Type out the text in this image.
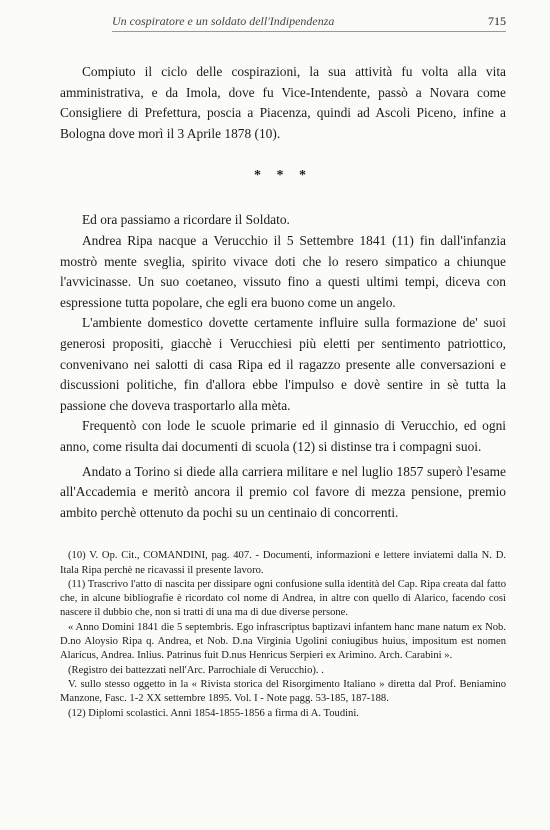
Un cospiratore e un soldato dell'Indipendenza	715

Compiuto il ciclo delle cospirazioni, la sua attività fu volta alla vita amministrativa, e da Imola, dove fu Vice-Intendente, passò a Novara come Consigliere di Prefettura, poscia a Piacenza, quindi ad Ascoli Piceno, infine a Bologna dove morì il 3 Aprile 1878 (10).

* * *

Ed ora passiamo a ricordare il Soldato.

Andrea Ripa nacque a Verucchio il 5 Settembre 1841 (11) fin dall'infanzia mostrò mente sveglia, spirito vivace doti che lo resero simpatico a chiunque l'avvicinasse. Un suo coetaneo, vissuto fino a questi ultimi tempi, diceva con espressione tutta popolare, che egli era buono come un angelo.

L'ambiente domestico dovette certamente influire sulla formazione de' suoi generosi propositi, giacchè i Verucchiesi più eletti per sentimento patriottico, convenivano nei salotti di casa Ripa ed il ragazzo presente alle conversazioni e discussioni politiche, fin d'allora ebbe l'impulso e dovè sentire in sè tutta la passione che doveva trasportarlo alla mèta.

Frequentò con lode le scuole primarie ed il ginnasio di Verucchio, ed ogni anno, come risulta dai documenti di scuola (12) si distinse tra i compagni suoi.

Andato a Torino si diede alla carriera militare e nel luglio 1857 superò l'esame all'Accademia e meritò ancora il premio col favore di mezza pensione, premio ambito perchè ottenuto da pochi su un centinaio di concorrenti.

(10) V. Op. Cit., COMANDINI, pag. 407. - Documenti, informazioni e lettere inviatemi dalla N. D. Itala Ripa perchè ne ricavassi il presente lavoro.

(11) Trascrivo l'atto di nascita per dissipare ogni confusione sulla identità del Cap. Ripa creata dal fatto che, in alcune bibliografie è ricordato col nome di Andrea, in altre con quello di Alarico, facendo così nascere il dubbio che, non si tratti di una ma di due diverse persone.

« Anno Domini 1841 die 5 septembris. Ego infrascriptus baptizavi infantem hanc mane natum ex Nob. D.no Aloysio Ripa q. Andrea, et Nob. D.na Virginia Ugolini coniugibus huius, impositum est nomen Alaricus, Andrea. Inlius. Patrinus fuit D.nus Henricus Serpieri ex Arimino. Arch. Carabini ».

(Registro dei battezzati nell'Arc. Parrochiale di Verucchio). .

V. sullo stesso oggetto in la « Rivista storica del Risorgimento Italiano » diretta dal Prof. Beniamino Manzone, Fasc. 1-2 XX settembre 1895. Vol. I - Note pagg. 53-185, 187-188.

(12) Diplomi scolastici. Anni 1854-1855-1856 a firma di A. Toudini.
